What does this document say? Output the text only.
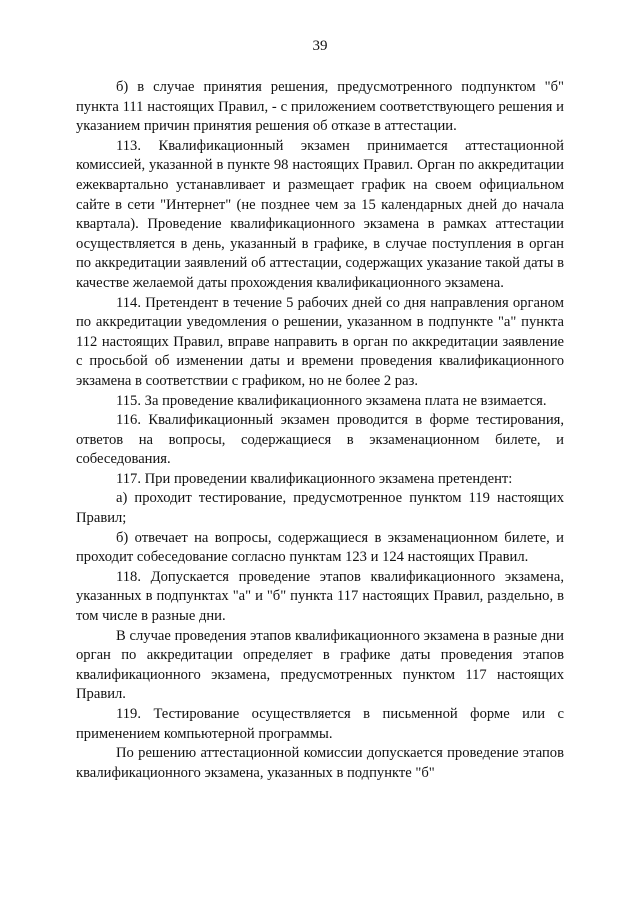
39

б) в случае принятия решения, предусмотренного подпунктом "б" пункта 111 настоящих Правил, - с приложением соответствующего решения и указанием причин принятия решения об отказе в аттестации.

113. Квалификационный экзамен принимается аттестационной комиссией, указанной в пункте 98 настоящих Правил. Орган по аккредитации ежеквартально устанавливает и размещает график на своем официальном сайте в сети "Интернет" (не позднее чем за 15 календарных дней до начала квартала). Проведение квалификационного экзамена в рамках аттестации осуществляется в день, указанный в графике, в случае поступления в орган по аккредитации заявлений об аттестации, содержащих указание такой даты в качестве желаемой даты прохождения квалификационного экзамена.

114. Претендент в течение 5 рабочих дней со дня направления органом по аккредитации уведомления о решении, указанном в подпункте "а" пункта 112 настоящих Правил, вправе направить в орган по аккредитации заявление с просьбой об изменении даты и времени проведения квалификационного экзамена в соответствии с графиком, но не более 2 раз.

115. За проведение квалификационного экзамена плата не взимается.

116. Квалификационный экзамен проводится в форме тестирования, ответов на вопросы, содержащиеся в экзаменационном билете, и собеседования.

117. При проведении квалификационного экзамена претендент:

а) проходит тестирование, предусмотренное пунктом 119 настоящих Правил;

б) отвечает на вопросы, содержащиеся в экзаменационном билете, и проходит собеседование согласно пунктам 123 и 124 настоящих Правил.

118. Допускается проведение этапов квалификационного экзамена, указанных в подпунктах "а" и "б" пункта 117 настоящих Правил, раздельно, в том числе в разные дни.

В случае проведения этапов квалификационного экзамена в разные дни орган по аккредитации определяет в графике даты проведения этапов квалификационного экзамена, предусмотренных пунктом 117 настоящих Правил.

119. Тестирование осуществляется в письменной форме или с применением компьютерной программы.

По решению аттестационной комиссии допускается проведение этапов квалификационного экзамена, указанных в подпункте "б"
